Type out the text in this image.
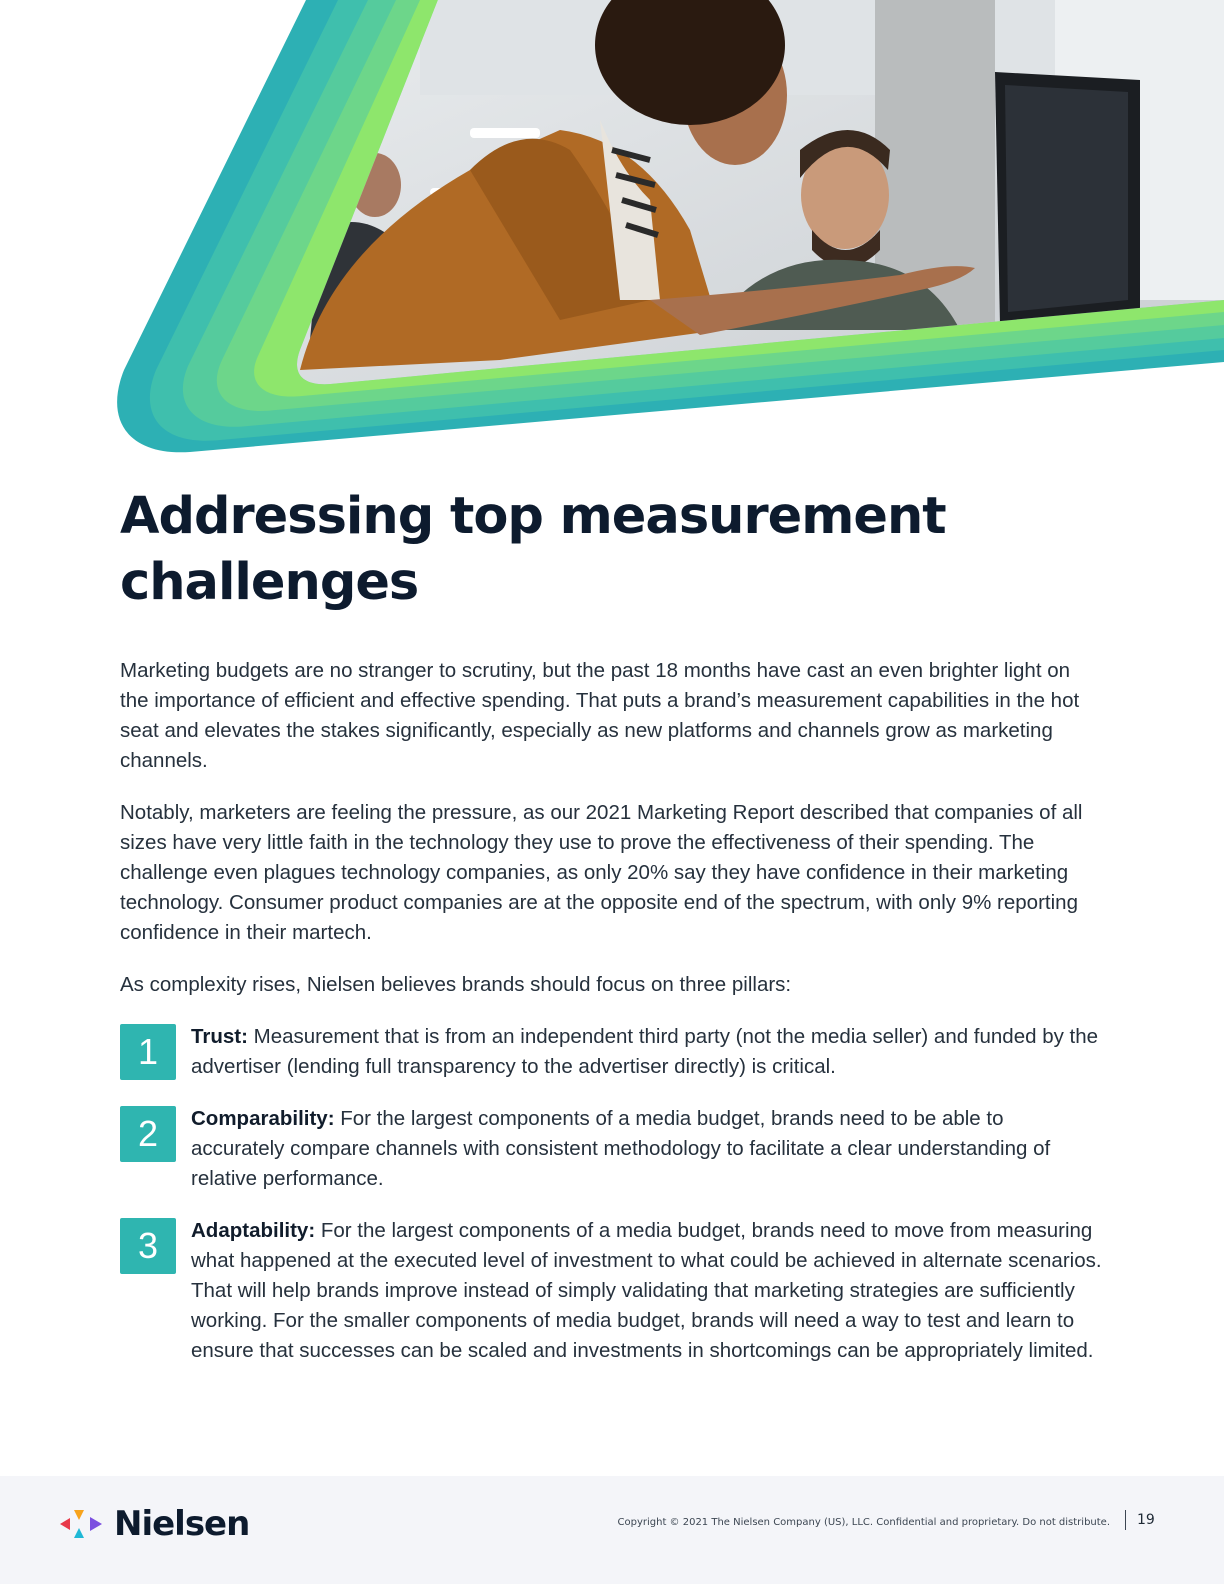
Addressing top measurement challenges

Marketing budgets are no stranger to scrutiny, but the past 18 months have cast an even brighter light on the importance of efficient and effective spending. That puts a brand’s measurement capabilities in the hot seat and elevates the stakes significantly, especially as new platforms and channels grow as marketing channels.

Notably, marketers are feeling the pressure, as our 2021 Marketing Report described that companies of all sizes have very little faith in the technology they use to prove the effectiveness of their spending. The challenge even plagues technology companies, as only 20% say they have confidence in their marketing technology. Consumer product companies are at the opposite end of the spectrum, with only 9% reporting confidence in their martech.

As complexity rises, Nielsen believes brands should focus on three pillars:

1	Trust: Measurement that is from an independent third party (not the media seller) and funded by the advertiser (lending full transparency to the advertiser directly) is critical.
2	Comparability: For the largest components of a media budget, brands need to be able to accurately compare channels with consistent methodology to facilitate a clear understanding of relative performance.
3	Adaptability: For the largest components of a media budget, brands need to move from measuring what happened at the executed level of investment to what could be achieved in alternate scenarios. That will help brands improve instead of simply validating that marketing strategies are sufficiently working. For the smaller components of media budget, brands will need a way to test and learn to ensure that successes can be scaled and investments in shortcomings can be appropriately limited.
Nielsen	Copyright © 2021 The Nielsen Company (US), LLC. Confidential and proprietary. Do not distribute. 19
